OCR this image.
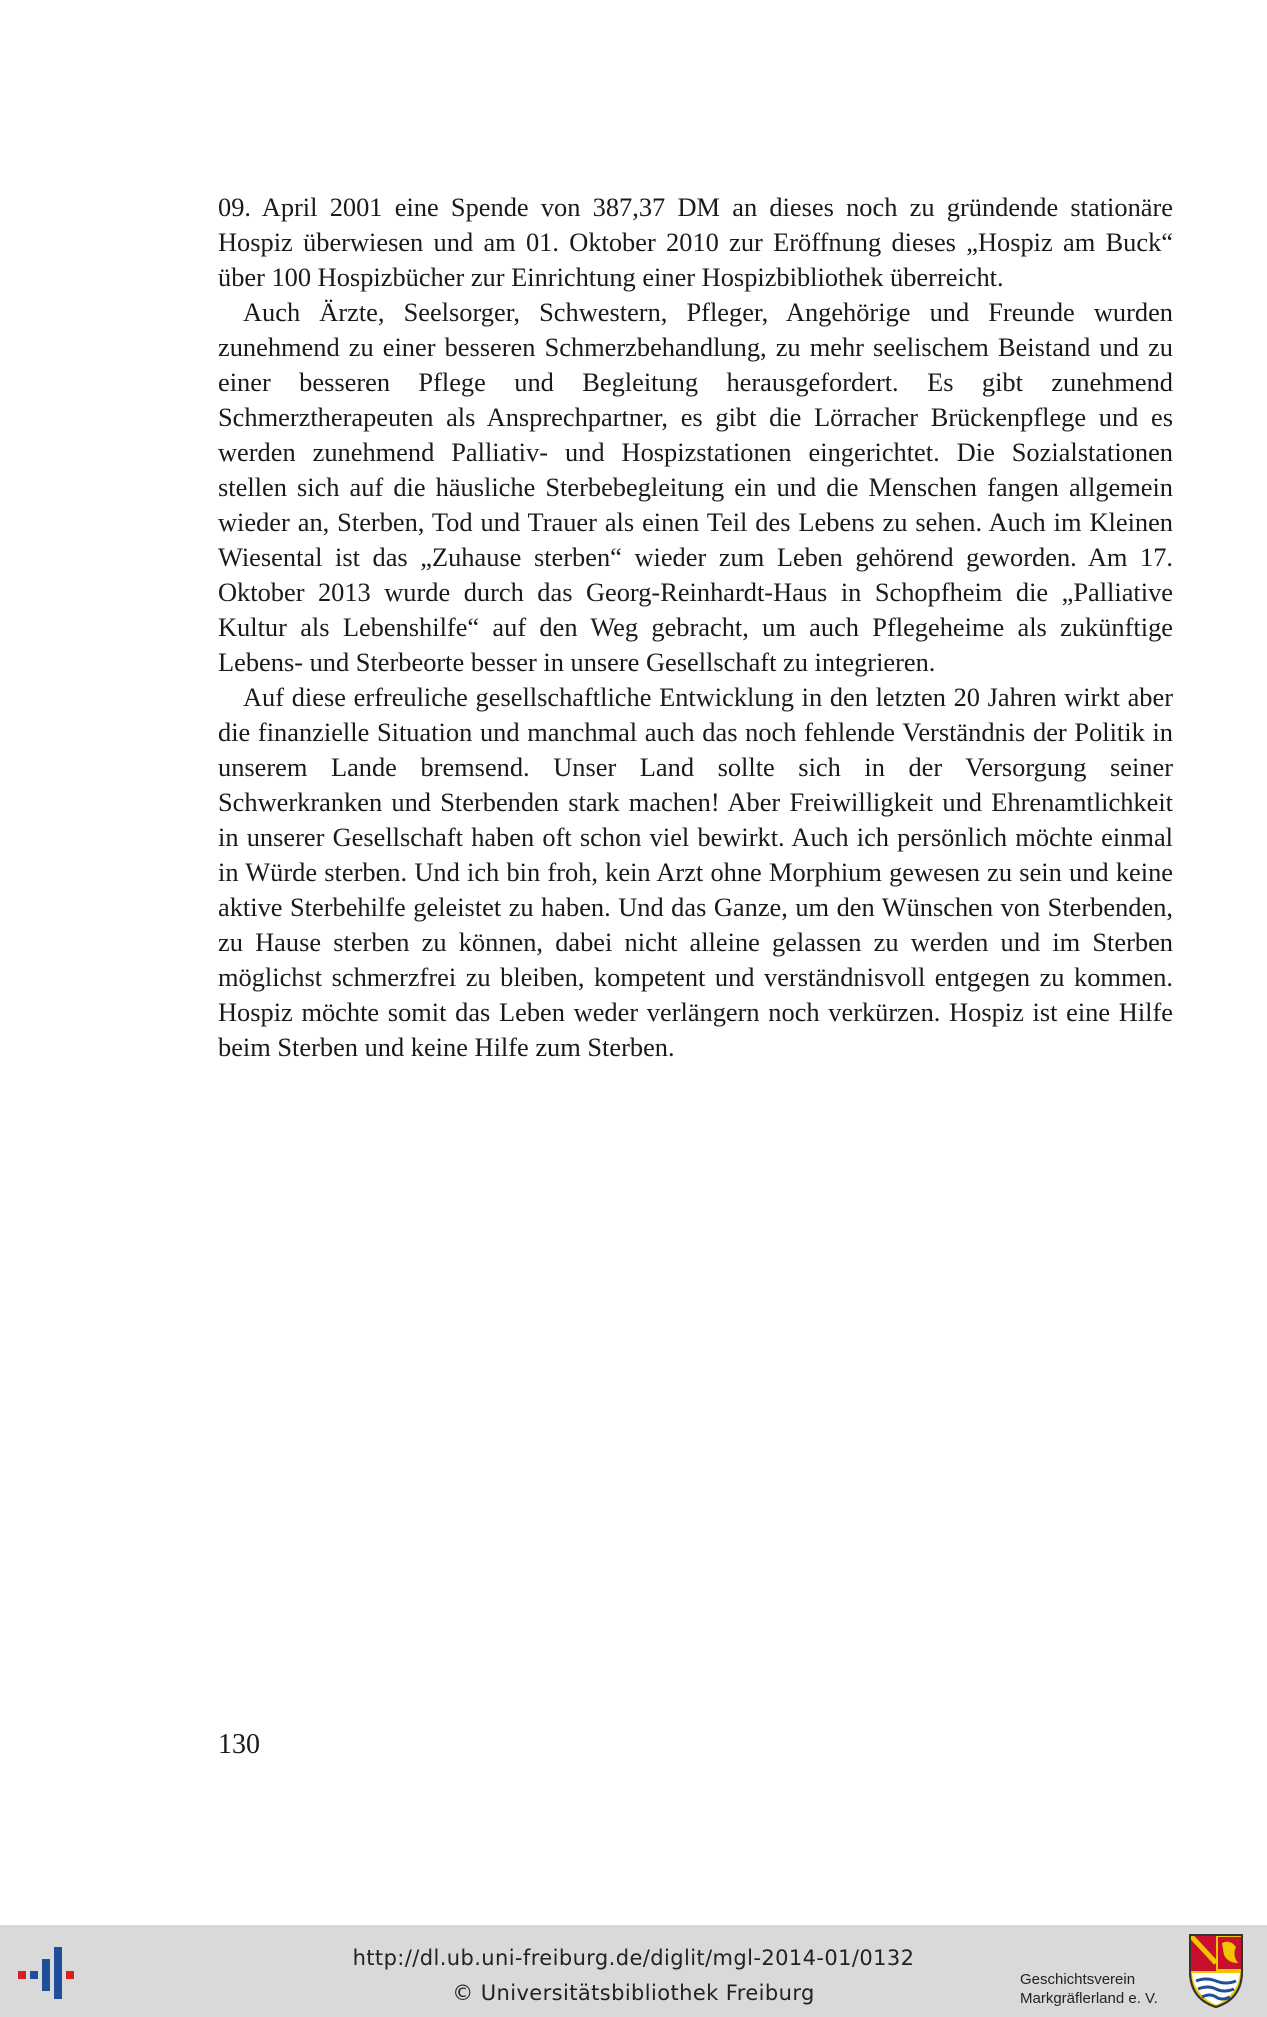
09. April 2001 eine Spende von 387,37 DM an dieses noch zu gründende stationäre Hospiz überwiesen und am 01. Oktober 2010 zur Eröffnung dieses „Hospiz am Buck“ über 100 Hospizbücher zur Einrichtung einer Hospizbibliothek überreicht.

Auch Ärzte, Seelsorger, Schwestern, Pfleger, Angehörige und Freunde wurden zunehmend zu einer besseren Schmerzbehandlung, zu mehr seelischem Beistand und zu einer besseren Pflege und Begleitung herausgefordert. Es gibt zunehmend Schmerztherapeuten als Ansprechpartner, es gibt die Lörracher Brückenpflege und es werden zunehmend Palliativ- und Hospizstationen eingerichtet. Die Sozialstationen stellen sich auf die häusliche Sterbebegleitung ein und die Menschen fangen allgemein wieder an, Sterben, Tod und Trauer als einen Teil des Lebens zu sehen. Auch im Kleinen Wiesental ist das „Zuhause sterben“ wieder zum Leben gehörend geworden. Am 17. Oktober 2013 wurde durch das Georg-Reinhardt-Haus in Schopfheim die „Palliative Kultur als Lebenshilfe“ auf den Weg gebracht, um auch Pflegeheime als zukünftige Lebens- und Sterbeorte besser in unsere Gesellschaft zu integrieren.

Auf diese erfreuliche gesellschaftliche Entwicklung in den letzten 20 Jahren wirkt aber die finanzielle Situation und manchmal auch das noch fehlende Verständnis der Politik in unserem Lande bremsend. Unser Land sollte sich in der Versorgung seiner Schwerkranken und Sterbenden stark machen! Aber Freiwilligkeit und Ehrenamtlichkeit in unserer Gesellschaft haben oft schon viel bewirkt. Auch ich persönlich möchte einmal in Würde sterben. Und ich bin froh, kein Arzt ohne Morphium gewesen zu sein und keine aktive Sterbehilfe geleistet zu haben. Und das Ganze, um den Wünschen von Sterbenden, zu Hause sterben zu können, dabei nicht alleine gelassen zu werden und im Sterben möglichst schmerzfrei zu bleiben, kompetent und verständnisvoll entgegen zu kommen. Hospiz möchte somit das Leben weder verlängern noch verkürzen. Hospiz ist eine Hilfe beim Sterben und keine Hilfe zum Sterben.

130
http://dl.ub.uni-freiburg.de/diglit/mgl-2014-01/0132
© Universitätsbibliothek Freiburg
Geschichtsverein
Markgräflerland e. V.
